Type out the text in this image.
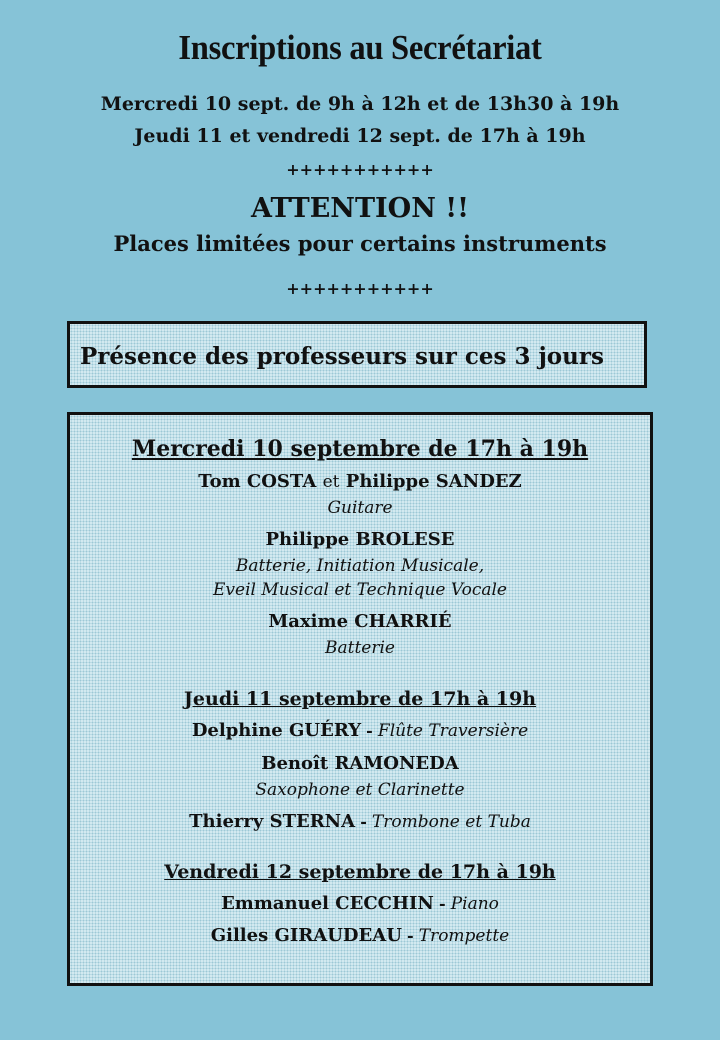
Inscriptions au Secrétariat
Mercredi 10 sept. de 9h à 12h et de 13h30 à 19h
Jeudi 11 et vendredi 12 sept. de 17h à 19h
+++++++++++
ATTENTION !!
Places limitées pour certains instruments
+++++++++++
Présence des professeurs sur ces 3 jours
Mercredi 10 septembre de 17h à 19h
Tom COSTA et Philippe SANDEZ
Guitare
Philippe BROLESE
Batterie, Initiation Musicale,
Eveil Musical et Technique Vocale
Maxime CHARRIÉ
Batterie
Jeudi 11 septembre de 17h à 19h
Delphine GUÉRY - Flûte Traversière
Benoît RAMONEDA
Saxophone et Clarinette
Thierry STERNA - Trombone et Tuba
Vendredi 12 septembre de 17h à 19h
Emmanuel CECCHIN - Piano
Gilles GIRAUDEAU - Trompette
